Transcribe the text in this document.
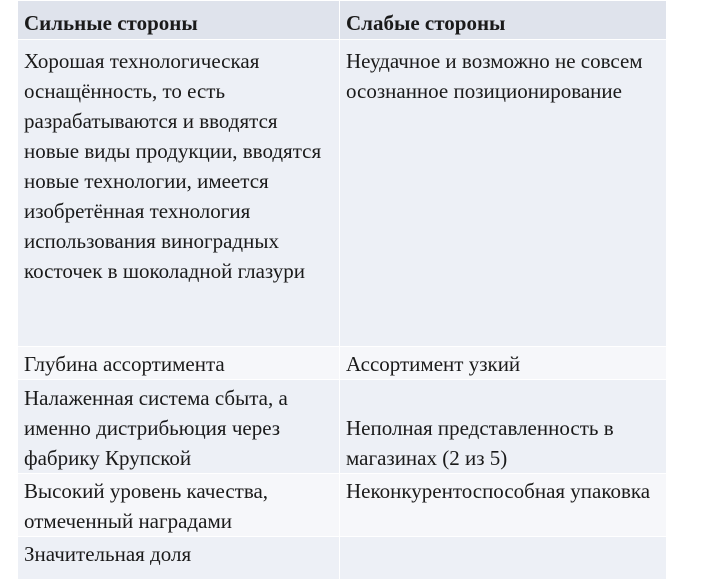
Сильные стороны	Слабые стороны
Хорошая технологическая оснащённость, то есть разрабатываются и вводятся новые виды продукции, вводятся новые технологии, имеется изобретённая технология использования виноградных косточек в шоколадной глазури	Неудачное и возможно не совсем осознанное позиционирование
Глубина ассортимента	Ассортимент узкий
Налаженная система сбыта, а именно дистрибьюция через фабрику Крупской	Неполная представленность в магазинах (2 из 5)
Высокий уровень качества, отмеченный наградами	Неконкурентоспособная упаковка
Значительная доля	
